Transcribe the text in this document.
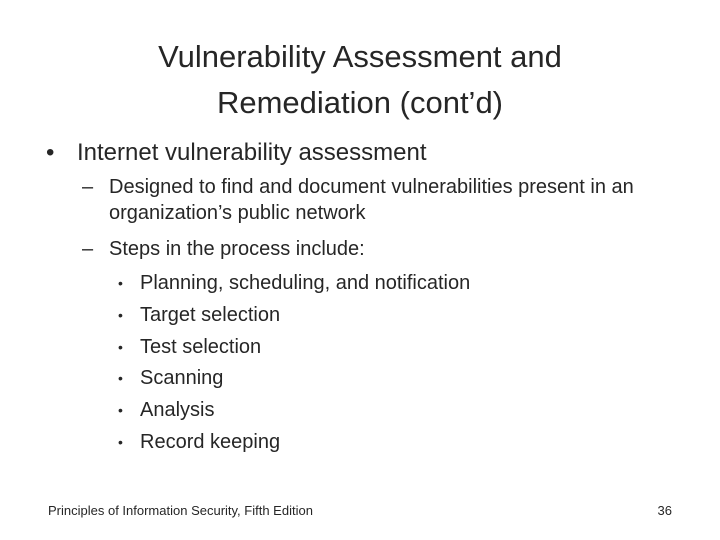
Vulnerability Assessment and
Remediation (cont’d)
• Internet vulnerability assessment
– Designed to find and document vulnerabilities present in an organization’s public network
– Steps in the process include:
• Planning, scheduling, and notification
• Target selection
• Test selection
• Scanning
• Analysis
• Record keeping
Principles of Information Security, Fifth Edition	36
